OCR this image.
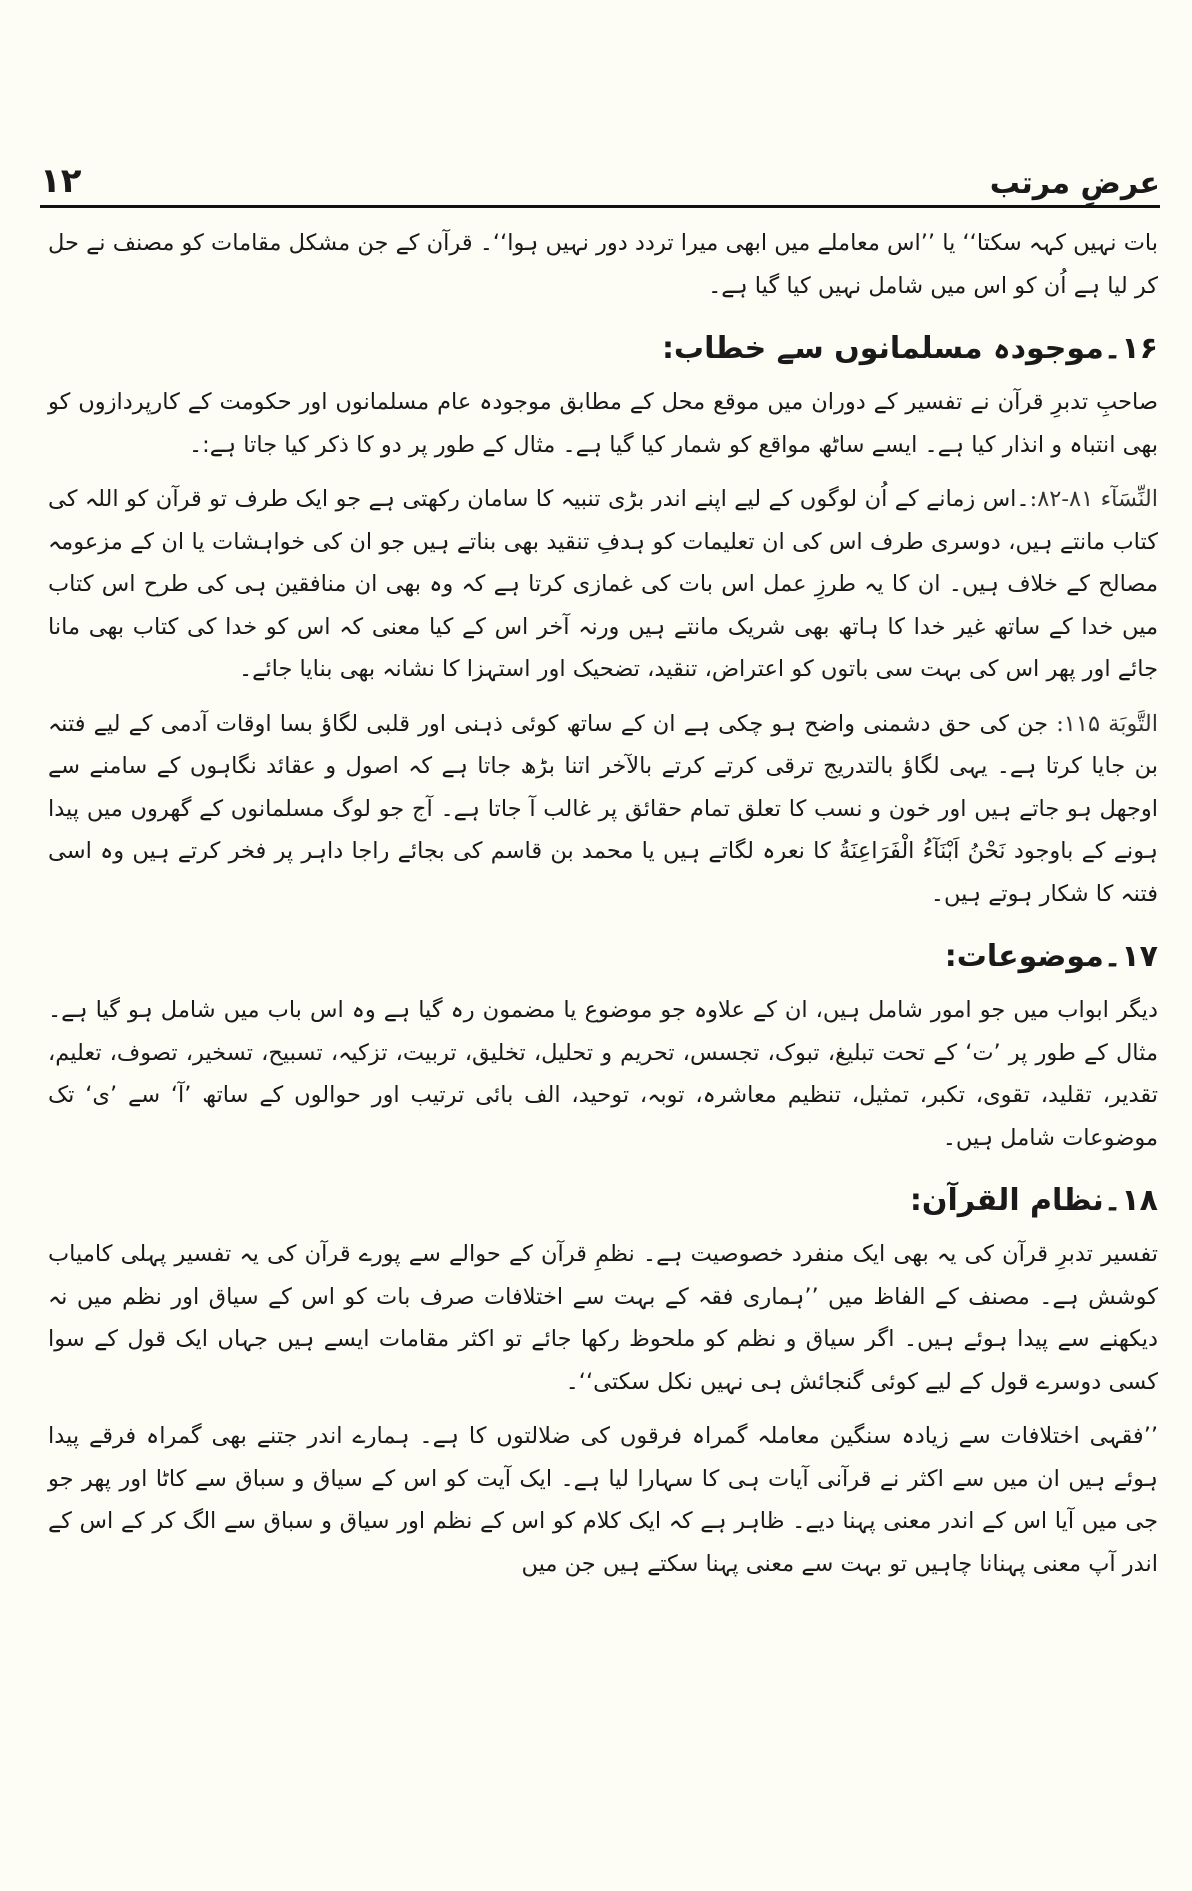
۱۲	عرضِ مرتب

بات نہیں کہہ سکتا‘‘ یا ’’اس معاملے میں ابھی میرا تردد دور نہیں ہوا‘‘۔ قرآن کے جن مشکل مقامات کو مصنف نے حل کر لیا ہے اُن کو اس میں شامل نہیں کیا گیا ہے۔

۱۶۔موجودہ مسلمانوں سے خطاب:

صاحبِ تدبرِ قرآن نے تفسیر کے دوران میں موقع محل کے مطابق موجودہ عام مسلمانوں اور حکومت کے کارپردازوں کو بھی انتباہ و انذار کیا ہے۔ ایسے ساٹھ مواقع کو شمار کیا گیا ہے۔ مثال کے طور پر دو کا ذکر کیا جاتا ہے:۔

النِّسَآء ۸۱-۸۲:۔اس زمانے کے اُن لوگوں کے لیے اپنے اندر بڑی تنبیہ کا سامان رکھتی ہے جو ایک طرف تو قرآن کو اللہ کی کتاب مانتے ہیں، دوسری طرف اس کی ان تعلیمات کو ہدفِ تنقید بھی بناتے ہیں جو ان کی خواہشات یا ان کے مزعومہ مصالح کے خلاف ہیں۔ ان کا یہ طرزِ عمل اس بات کی غمازی کرتا ہے کہ وہ بھی ان منافقین ہی کی طرح اس کتاب میں خدا کے ساتھ غیر خدا کا ہاتھ بھی شریک مانتے ہیں ورنہ آخر اس کے کیا معنی کہ اس کو خدا کی کتاب بھی مانا جائے اور پھر اس کی بہت سی باتوں کو اعتراض، تنقید، تضحیک اور استہزا کا نشانہ بھی بنایا جائے۔

التَّوبَة ۱۱۵: جن کی حق دشمنی واضح ہو چکی ہے ان کے ساتھ کوئی ذہنی اور قلبی لگاؤ بسا اوقات آدمی کے لیے فتنہ بن جایا کرتا ہے۔ یہی لگاؤ بالتدریج ترقی کرتے کرتے بالآخر اتنا بڑھ جاتا ہے کہ اصول و عقائد نگاہوں کے سامنے سے اوجھل ہو جاتے ہیں اور خون و نسب کا تعلق تمام حقائق پر غالب آ جاتا ہے۔ آج جو لوگ مسلمانوں کے گھروں میں پیدا ہونے کے باوجود نَحْنُ اَبْنَآءُ الْفَرَاعِنَةُ کا نعرہ لگاتے ہیں یا محمد بن قاسم کی بجائے راجا داہر پر فخر کرتے ہیں وہ اسی فتنہ کا شکار ہوتے ہیں۔

۱۷۔موضوعات:

دیگر ابواب میں جو امور شامل ہیں، ان کے علاوہ جو موضوع یا مضمون رہ گیا ہے وہ اس باب میں شامل ہو گیا ہے۔ مثال کے طور پر ’ت‘ کے تحت تبلیغ، تبوک، تجسس، تحریم و تحلیل، تخلیق، تربیت، تزکیہ، تسبیح، تسخیر، تصوف، تعلیم، تقدیر، تقلید، تقوی، تکبر، تمثیل، تنظیم معاشرہ، توبہ، توحید، الف بائی ترتیب اور حوالوں کے ساتھ ’آ‘ سے ’ی‘ تک موضوعات شامل ہیں۔

۱۸۔نظام القرآن:

تفسیر تدبرِ قرآن کی یہ بھی ایک منفرد خصوصیت ہے۔ نظمِ قرآن کے حوالے سے پورے قرآن کی یہ تفسیر پہلی کامیاب کوشش ہے۔ مصنف کے الفاظ میں ’’ہماری فقہ کے بہت سے اختلافات صرف بات کو اس کے سیاق اور نظم میں نہ دیکھنے سے پیدا ہوئے ہیں۔ اگر سیاق و نظم کو ملحوظ رکھا جائے تو اکثر مقامات ایسے ہیں جہاں ایک قول کے سوا کسی دوسرے قول کے لیے کوئی گنجائش ہی نہیں نکل سکتی‘‘۔

’’فقہی اختلافات سے زیادہ سنگین معاملہ گمراہ فرقوں کی ضلالتوں کا ہے۔ ہمارے اندر جتنے بھی گمراہ فرقے پیدا ہوئے ہیں ان میں سے اکثر نے قرآنی آیات ہی کا سہارا لیا ہے۔ ایک آیت کو اس کے سیاق و سباق سے کاٹا اور پھر جو جی میں آیا اس کے اندر معنی پہنا دیے۔ ظاہر ہے کہ ایک کلام کو اس کے نظم اور سیاق و سباق سے الگ کر کے اس کے اندر آپ معنی پہنانا چاہیں تو بہت سے معنی پہنا سکتے ہیں جن میں
